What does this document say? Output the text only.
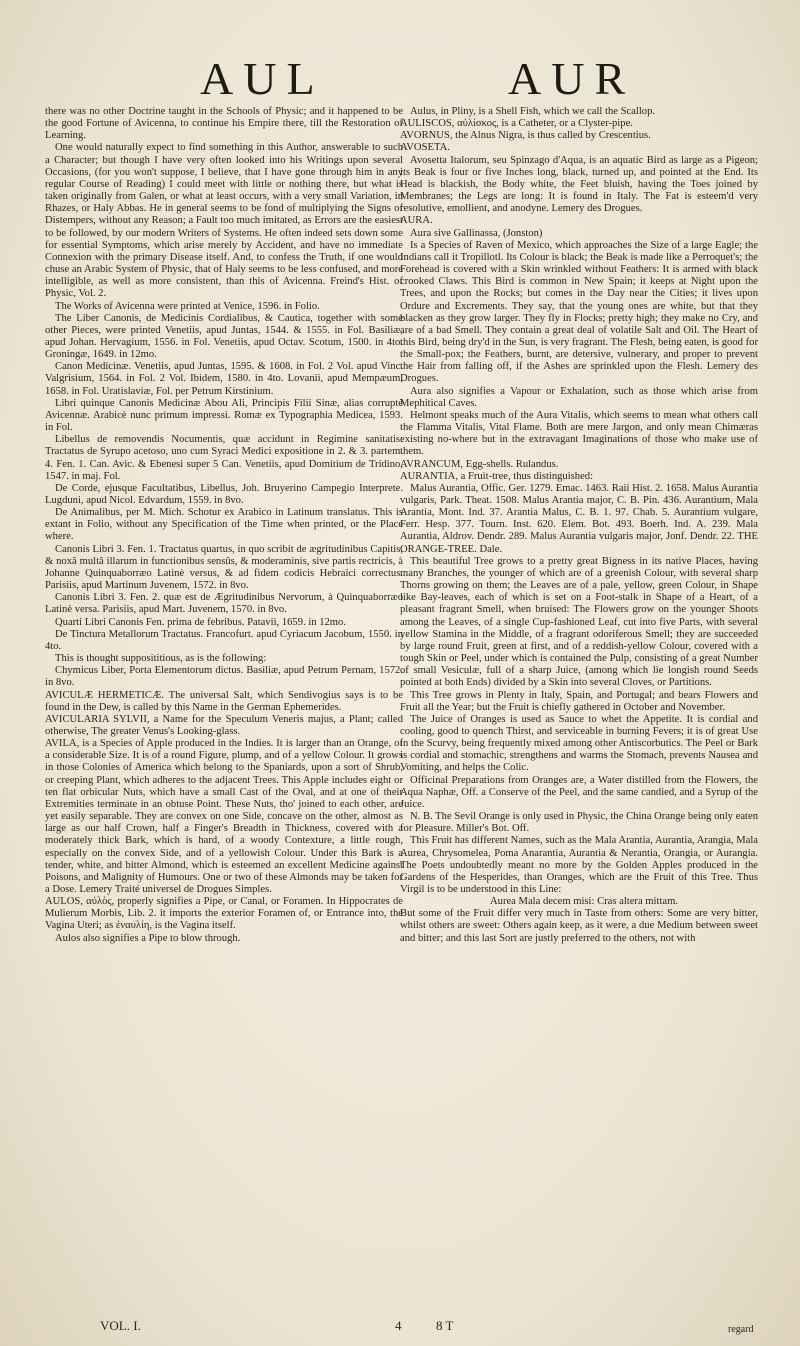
AUL	AUR

there was no other Doctrine taught in the Schools of Physic; and it happened to be the good Fortune of Avicenna, to continue his Empire there, till the Restoration of Learning.

One would naturally expect to find something in this Author, answerable to such a Character; but though I have very often looked into his Writings upon several Occasions, (for you won't suppose, I believe, that I have gone through him in any regular Course of Reading) I could meet with little or nothing there, but what is taken originally from Galen, or what at least occurs, with a very small Variation, in Rhazes, or Haly Abbas. He in general seems to be fond of multiplying the Signs of Distempers, without any Reason; a Fault too much imitated, as Errors are the easiest to be followed, by our modern Writers of Systems. He often indeed sets down some for essential Symptoms, which arise merely by Accident, and have no immediate Connexion with the primary Disease itself. And, to confess the Truth, if one would chuse an Arabic System of Physic, that of Haly seems to be less confused, and more intelligible, as well as more consistent, than this of Avicenna. Freind's Hist. of Physic, Vol. 2.

The Works of Avicenna were printed at Venice, 1596. in Folio.

The Liber Canonis, de Medicinis Cordialibus, & Cautica, together with some other Pieces, were printed Venetiis, apud Juntas, 1544. & 1555. in Fol. Basiliæ, apud Johan. Hervagium, 1556. in Fol. Venetiis, apud Octav. Scotum, 1500. in 4to. Groningæ, 1649. in 12mo.

Canon Medicinæ. Venetiis, apud Juntas, 1595. & 1608. in Fol. 2 Vol. apud Vinc. Valgrisium, 1564. in Fol. 2 Vol. Ibidem, 1580. in 4to. Lovanii, apud Mempæum, 1658. in Fol. Uratislaviæ, Fol. per Petrum Kirstinium.

Libri quinque Canonis Medicinæ Abou Ali, Principis Filii Sinæ, alias corruptè Avicennæ. Arabicè nunc primum impressi. Romæ ex Typographia Medicea, 1593. in Fol.

Libellus de removendis Nocumentis, quæ accidunt in Regimine sanitatis: Tractatus de Syrupo acetoso, uno cum Syraci Medici expositione in 2. & 3. partem. 4. Fen. 1. Can. Avic. & Ebenesi super 5 Can. Venetiis, apud Domitium de Tridino, 1547. in maj. Fol.

De Corde, ejusque Facultatibus, Libellus, Joh. Bruyerino Campegio Interprete. Lugduni, apud Nicol. Edvardum, 1559. in 8vo.

De Animalibus, per M. Mich. Schotur ex Arabico in Latinum translatus. This is extant in Folio, without any Specification of the Time when printed, or the Place where.

Canonis Libri 3. Fen. 1. Tractatus quartus, in quo scribit de ægritudinibus Capitis, & noxâ multâ illarum in functionibus sensûs, & moderaminis, sive partis rectricis, à Johanne Quinquaborræo Latinè versus, & ad fidem codicis Hebraïci correctus. Parisiis, apud Martinum Juvenem, 1572. in 8vo.

Canonis Libri 3. Fen. 2. quæ est de Ægritudinibus Nervorum, à Quinquaborræo Latinè versa. Parisiis, apud Mart. Juvenem, 1570. in 8vo.

Quarti Libri Canonis Fen. prima de febribus. Patavii, 1659. in 12mo.

De Tinctura Metallorum Tractatus. Francofurt. apud Cyriacum Jacobum, 1550. in 4to.

This is thought supposititious, as is the following:

Chymicus Liber, Porta Elementorum dictus. Basiliæ, apud Petrum Pernam, 1572. in 8vo.

AVICULÆ HERMETICÆ. The universal Salt, which Sendivogius says is to be found in the Dew, is called by this Name in the German Ephemerides.

AVICULARIA SYLVII, a Name for the Speculum Veneris majus, a Plant; called otherwise, The greater Venus's Looking-glass.

AVILA, is a Species of Apple produced in the Indies. It is larger than an Orange, of a considerable Size. It is of a round Figure, plump, and of a yellow Colour. It grows in those Colonies of America which belong to the Spaniards, upon a sort of Shrub, or creeping Plant, which adheres to the adjacent Trees. This Apple includes eight or ten flat orbicular Nuts, which have a small Cast of the Oval, and at one of their Extremities terminate in an obtuse Point. These Nuts, tho' joined to each other, are yet easily separable. They are convex on one Side, concave on the other, almost as large as our half Crown, half a Finger's Breadth in Thickness, covered with a moderately thick Bark, which is hard, of a woody Contexture, a little rough, especially on the convex Side, and of a yellowish Colour. Under this Bark is a tender, white, and bitter Almond, which is esteemed an excellent Medicine against Poisons, and Malignity of Humours. One or two of these Almonds may be taken for a Dose. Lemery Traité universel de Drogues Simples.

AULOS, αὐλὸς, properly signifies a Pipe, or Canal, or Foramen. In Hippocrates de Mulierum Morbis, Lib. 2. it imports the exterior Foramen of, or Entrance into, the Vagina Uteri; as ἐναυλίη, is the Vagina itself.

Aulos also signifies a Pipe to blow through.

Aulus, in Pliny, is a Shell Fish, which we call the Scallop.

AULISCOS, αὐλίσκος, is a Catheter, or a Clyster-pipe.

AVORNUS, the Alnus Nigra, is thus called by Crescentius.

AVOSETA.

Avosetta Italorum, seu Spinzago d'Aqua, is an aquatic Bird as large as a Pigeon; its Beak is four or five Inches long, black, turned up, and pointed at the End. Its Head is blackish, the Body white, the Feet bluish, having the Toes joined by Membranes; the Legs are long: It is found in Italy. The Fat is esteem'd very resolutive, emollient, and anodyne. Lemery des Drogues.

AURA.

Aura sive Gallinassa, (Jonston)

Is a Species of Raven of Mexico, which approaches the Size of a large Eagle; the Indians call it Tropillotl. Its Colour is black; the Beak is made like a Perroquet's; the Forehead is covered with a Skin wrinkled without Feathers: It is armed with black crooked Claws. This Bird is common in New Spain; it keeps at Night upon the Trees, and upon the Rocks; but comes in the Day near the Cities; it lives upon Ordure and Excrements. They say, that the young ones are white, but that they blacken as they grow larger. They fly in Flocks; pretty high; they make no Cry, and are of a bad Smell. They contain a great deal of volatile Salt and Oil. The Heart of this Bird, being dry'd in the Sun, is very fragrant. The Flesh, being eaten, is good for the Small-pox; the Feathers, burnt, are detersive, vulnerary, and proper to prevent the Hair from falling off, if the Ashes are sprinkled upon the Flesh. Lemery des Drogues.

Aura also signifies a Vapour or Exhalation, such as those which arise from Mephitical Caves.

Helmont speaks much of the Aura Vitalis, which seems to mean what others call the Flamma Vitalis, Vital Flame. Both are mere Jargon, and only mean Chimæras existing no-where but in the extravagant Imaginations of those who make use of them.

AVRANCUM, Egg-shells. Rulandus.

AURANTIA, a Fruit-tree, thus distinguished:

Malus Aurantia, Offic. Ger. 1279. Emac. 1463. Raii Hist. 2. 1658. Malus Aurantia vulgaris, Park. Theat. 1508. Malus Arantia major, C. B. Pin. 436. Aurantium, Mala Arantia, Mont. Ind. 37. Arantia Malus, C. B. 1. 97. Chab. 5. Aurantium vulgare, Ferr. Hesp. 377. Tourn. Inst. 620. Elem. Bot. 493. Boerh. Ind. A. 239. Mala Aurantia, Aldrov. Dendr. 289. Malus Aurantia vulgaris major, Jonf. Dendr. 22. THE ORANGE-TREE. Dale.

This beautiful Tree grows to a pretty great Bigness in its native Places, having many Branches, the younger of which are of a greenish Colour, with several sharp Thorns growing on them; the Leaves are of a pale, yellow, green Colour, in Shape like Bay-leaves, each of which is set on a Foot-stalk in Shape of a Heart, of a pleasant fragrant Smell, when bruised: The Flowers grow on the younger Shoots among the Leaves, of a single Cup-fashioned Leaf, cut into five Parts, with several yellow Stamina in the Middle, of a fragrant odoriferous Smell; they are succeeded by large round Fruit, green at first, and of a reddish-yellow Colour, covered with a tough Skin or Peel, under which is contained the Pulp, consisting of a great Number of small Vesiculæ, full of a sharp Juice, (among which lie longish round Seeds pointed at both Ends) divided by a Skin into several Cloves, or Partitions.

This Tree grows in Plenty in Italy, Spain, and Portugal; and bears Flowers and Fruit all the Year; but the Fruit is chiefly gathered in October and November.

The Juice of Oranges is used as Sauce to whet the Appetite. It is cordial and cooling, good to quench Thirst, and serviceable in burning Fevers; it is of great Use in the Scurvy, being frequently mixed among other Antiscorbutics. The Peel or Bark is cordial and stomachic, strengthens and warms the Stomach, prevents Nausea and Vomiting, and helps the Colic.

Officinal Preparations from Oranges are, a Water distilled from the Flowers, the Aqua Naphæ, Off. a Conserve of the Peel, and the same candied, and a Syrup of the Juice.

N. B. The Sevil Orange is only used in Physic, the China Orange being only eaten for Pleasure. Miller's Bot. Off.

This Fruit has different Names, such as the Mala Arantia, Aurantia, Arangia, Mala Aurea, Chrysomelea, Poma Anarantia, Aurantia & Nerantia, Orangia, or Aurangia. The Poets undoubtedly meant no more by the Golden Apples produced in the Gardens of the Hesperides, than Oranges, which are the Fruit of this Tree. Thus Virgil is to be understood in this Line:

Aurea Mala decem misi: Cras altera mittam.

But some of the Fruit differ very much in Taste from others: Some are very bitter, whilst others are sweet: Others again keep, as it were, a due Medium between sweet and bitter; and this last Sort are justly preferred to the others, not with

VOL. I.	4	8 T	regard
